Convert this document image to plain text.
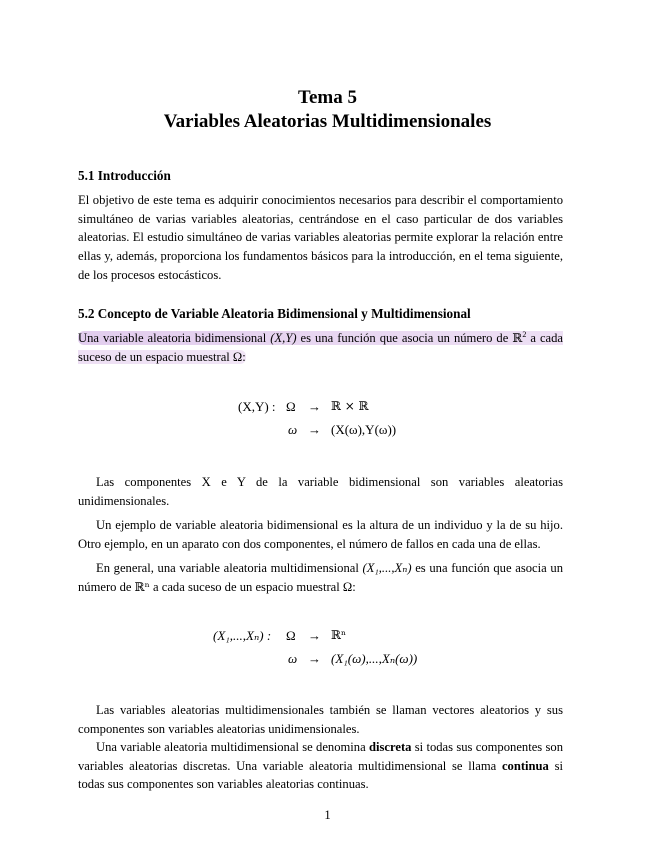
Tema 5
Variables Aleatorias Multidimensionales
5.1 Introducción
El objetivo de este tema es adquirir conocimientos necesarios para describir el comportamiento simultáneo de varias variables aleatorias, centrándose en el caso particular de dos variables aleatorias. El estudio simultáneo de varias variables aleatorias permite explorar la relación entre ellas y, además, proporciona los fundamentos básicos para la introducción, en el tema siguiente, de los procesos estocásticos.
5.2 Concepto de Variable Aleatoria Bidimensional y Multidimensional
Una variable aleatoria bidimensional (X,Y) es una función que asocia un número de ℝ$^2$ a cada suceso de un espacio muestral Ω:
(X,Y) : Ω → ℝ × ℝ
ω → (X(ω),Y(ω))
Las componentes X e Y de la variable bidimensional son variables aleatorias unidimensionales.
Un ejemplo de variable aleatoria bidimensional es la altura de un individuo y la de su hijo. Otro ejemplo, en un aparato con dos componentes, el número de fallos en cada una de ellas.
En general, una variable aleatoria multidimensional (X₁,...,Xₙ) es una función que asocia un número de ℝⁿ a cada suceso de un espacio muestral Ω:
(X₁,...,Xₙ) : Ω → ℝⁿ
ω → (X₁(ω),...,Xₙ(ω))
Las variables aleatorias multidimensionales también se llaman vectores aleatorios y sus componentes son variables aleatorias unidimensionales.
Una variable aleatoria multidimensional se denomina discreta si todas sus componentes son variables aleatorias discretas. Una variable aleatoria multidimensional se llama continua si todas sus componentes son variables aleatorias continuas.
1
